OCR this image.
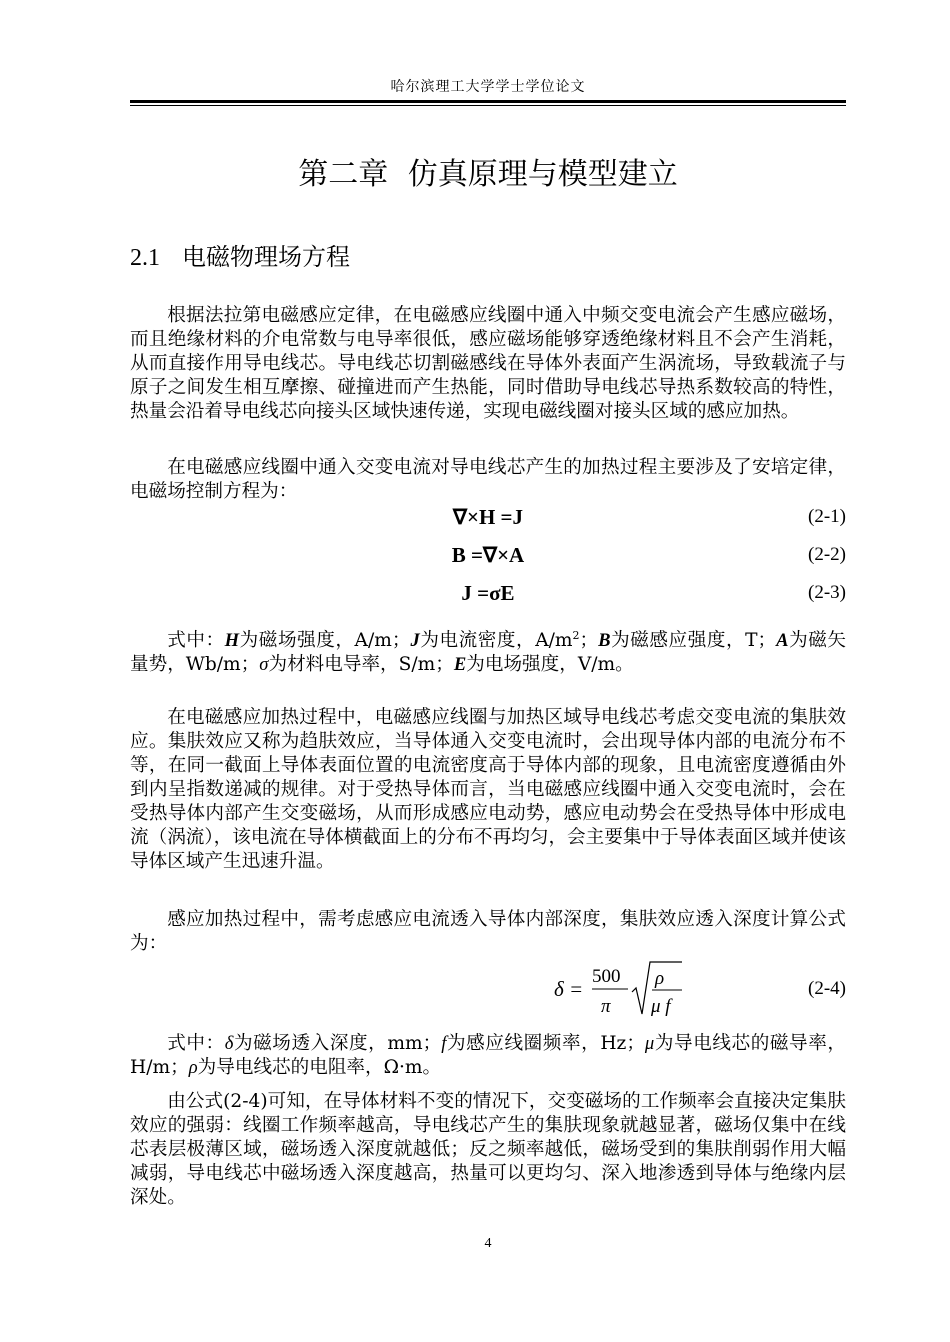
哈尔滨理工大学学士学位论文
第二章 仿真原理与模型建立
2.1 电磁物理场方程
根据法拉第电磁感应定律，在电磁感应线圈中通入中频交变电流会产生感应磁场，而且绝缘材料的介电常数与电导率很低，感应磁场能够穿透绝缘材料且不会产生消耗，从而直接作用导电线芯。导电线芯切割磁感线在导体外表面产生涡流场，导致载流子与原子之间发生相互摩擦、碰撞进而产生热能，同时借助导电线芯导热系数较高的特性，热量会沿着导电线芯向接头区域快速传递，实现电磁线圈对接头区域的感应加热。
在电磁感应线圈中通入交变电流对导电线芯产生的加热过程主要涉及了安培定律，电磁场控制方程为：
∇×H =J	(2-1)
B =∇×A	(2-2)
J =σE	(2-3)
式中：H为磁场强度，A/m；J为电流密度，$A/m^2$；B为磁感应强度，T；A为磁矢量势，Wb/m；σ为材料电导率，S/m；E为电场强度，V/m。
在电磁感应加热过程中，电磁感应线圈与加热区域导电线芯考虑交变电流的集肤效应。集肤效应又称为趋肤效应，当导体通入交变电流时，会出现导体内部的电流分布不等，在同一截面上导体表面位置的电流密度高于导体内部的现象，且电流密度遵循由外到内呈指数递减的规律。对于受热导体而言，当电磁感应线圈中通入交变电流时，会在受热导体内部产生交变磁场，从而形成感应电动势，感应电动势会在受热导体中形成电流（涡流），该电流在导体横截面上的分布不再均匀，会主要集中于导体表面区域并使该导体区域产生迅速升温。
感应加热过程中，需考虑感应电流透入导体内部深度，集肤效应透入深度计算公式为：
δ =
500
π
ρ
μ f
(2-4)
式中：δ为磁场透入深度，mm；f为感应线圈频率，Hz；μ为导电线芯的磁导率，H/m；ρ为导电线芯的电阻率，Ω·m。
由公式(2-4)可知，在导体材料不变的情况下，交变磁场的工作频率会直接决定集肤效应的强弱：线圈工作频率越高，导电线芯产生的集肤现象就越显著，磁场仅集中在线芯表层极薄区域，磁场透入深度就越低；反之频率越低，磁场受到的集肤削弱作用大幅减弱，导电线芯中磁场透入深度越高，热量可以更均匀、深入地渗透到导体与绝缘内层深处。
4
